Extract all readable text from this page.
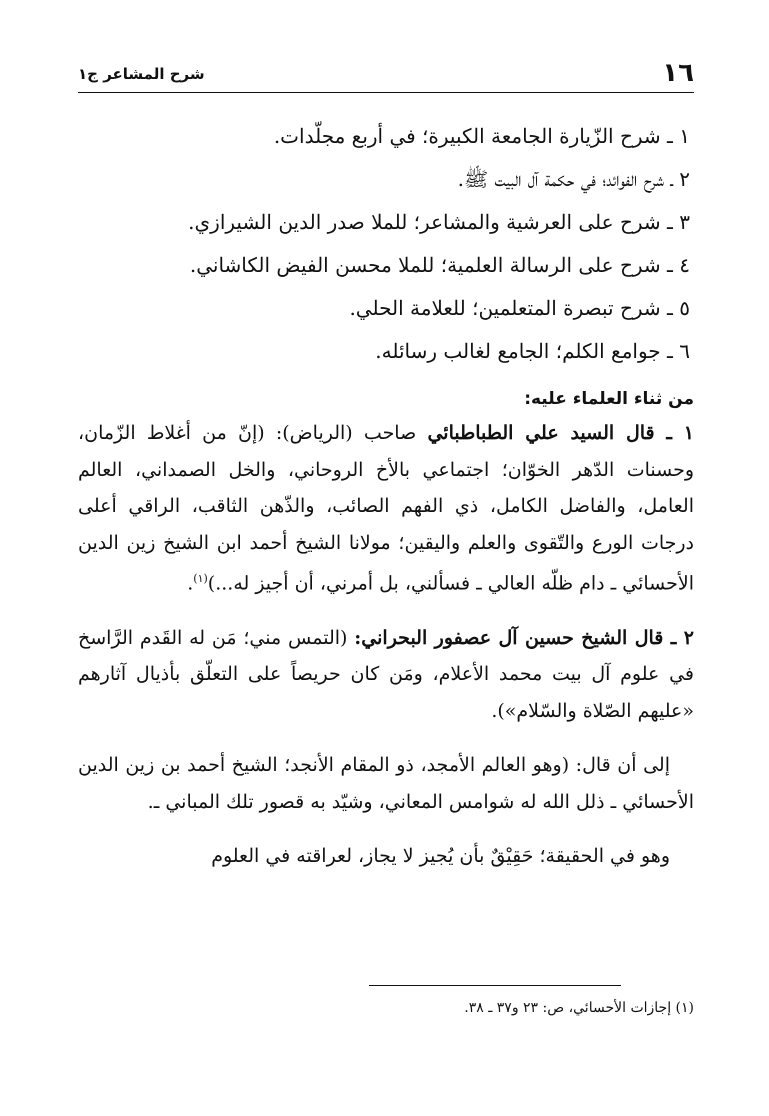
١٦
شرح المشاعر ج١
١ ـ شرح الزّيارة الجامعة الكبيرة؛ في أربع مجلّدات.
٢ ـ شرح الفوائد؛ في حكمة آل البيت ﷺ.
٣ ـ شرح على العرشية والمشاعر؛ للملا صدر الدين الشيرازي.
٤ ـ شرح على الرسالة العلمية؛ للملا محسن الفيض الكاشاني.
٥ ـ شرح تبصرة المتعلمين؛ للعلامة الحلي.
٦ ـ جوامع الكلم؛ الجامع لغالب رسائله.
من ثناء العلماء عليه:

١ ـ قال السيد علي الطباطبائي صاحب (الرياض): (إنّ من أغلاط الزّمان، وحسنات الدّهر الخوّان؛ اجتماعي بالأخ الروحاني، والخل الصمداني، العالم العامل، والفاضل الكامل، ذي الفهم الصائب، والذّهن الثاقب، الراقي أعلى درجات الورع والتّقوى والعلم واليقين؛ مولانا الشيخ أحمد ابن الشيخ زين الدين الأحسائي ـ دام ظلّه العالي ـ فسألني، بل أمرني، أن أجيز له...)$^{(١)}$.

٢ ـ قال الشيخ حسين آل عصفور البحراني: (التمس مني؛ مَن له القَدم الرَّاسخ في علوم آل بيت محمد الأعلام، ومَن كان حريصاً على التعلّق بأذيال آثارهم «عليهم الصّلاة والسّلام»).

إلى أن قال: (وهو العالم الأمجد، ذو المقام الأنجد؛ الشيخ أحمد بن زين الدين الأحسائي ـ ذلل الله له شوامس المعاني، وشيّد به قصور تلك المباني ـ.

وهو في الحقيقة؛ حَقِيْقٌ بأن يُجيز لا يجاز، لعراقته في العلوم

(١) إجازات الأحسائي، ص: ٢٣ و٣٧ ـ ٣٨.
